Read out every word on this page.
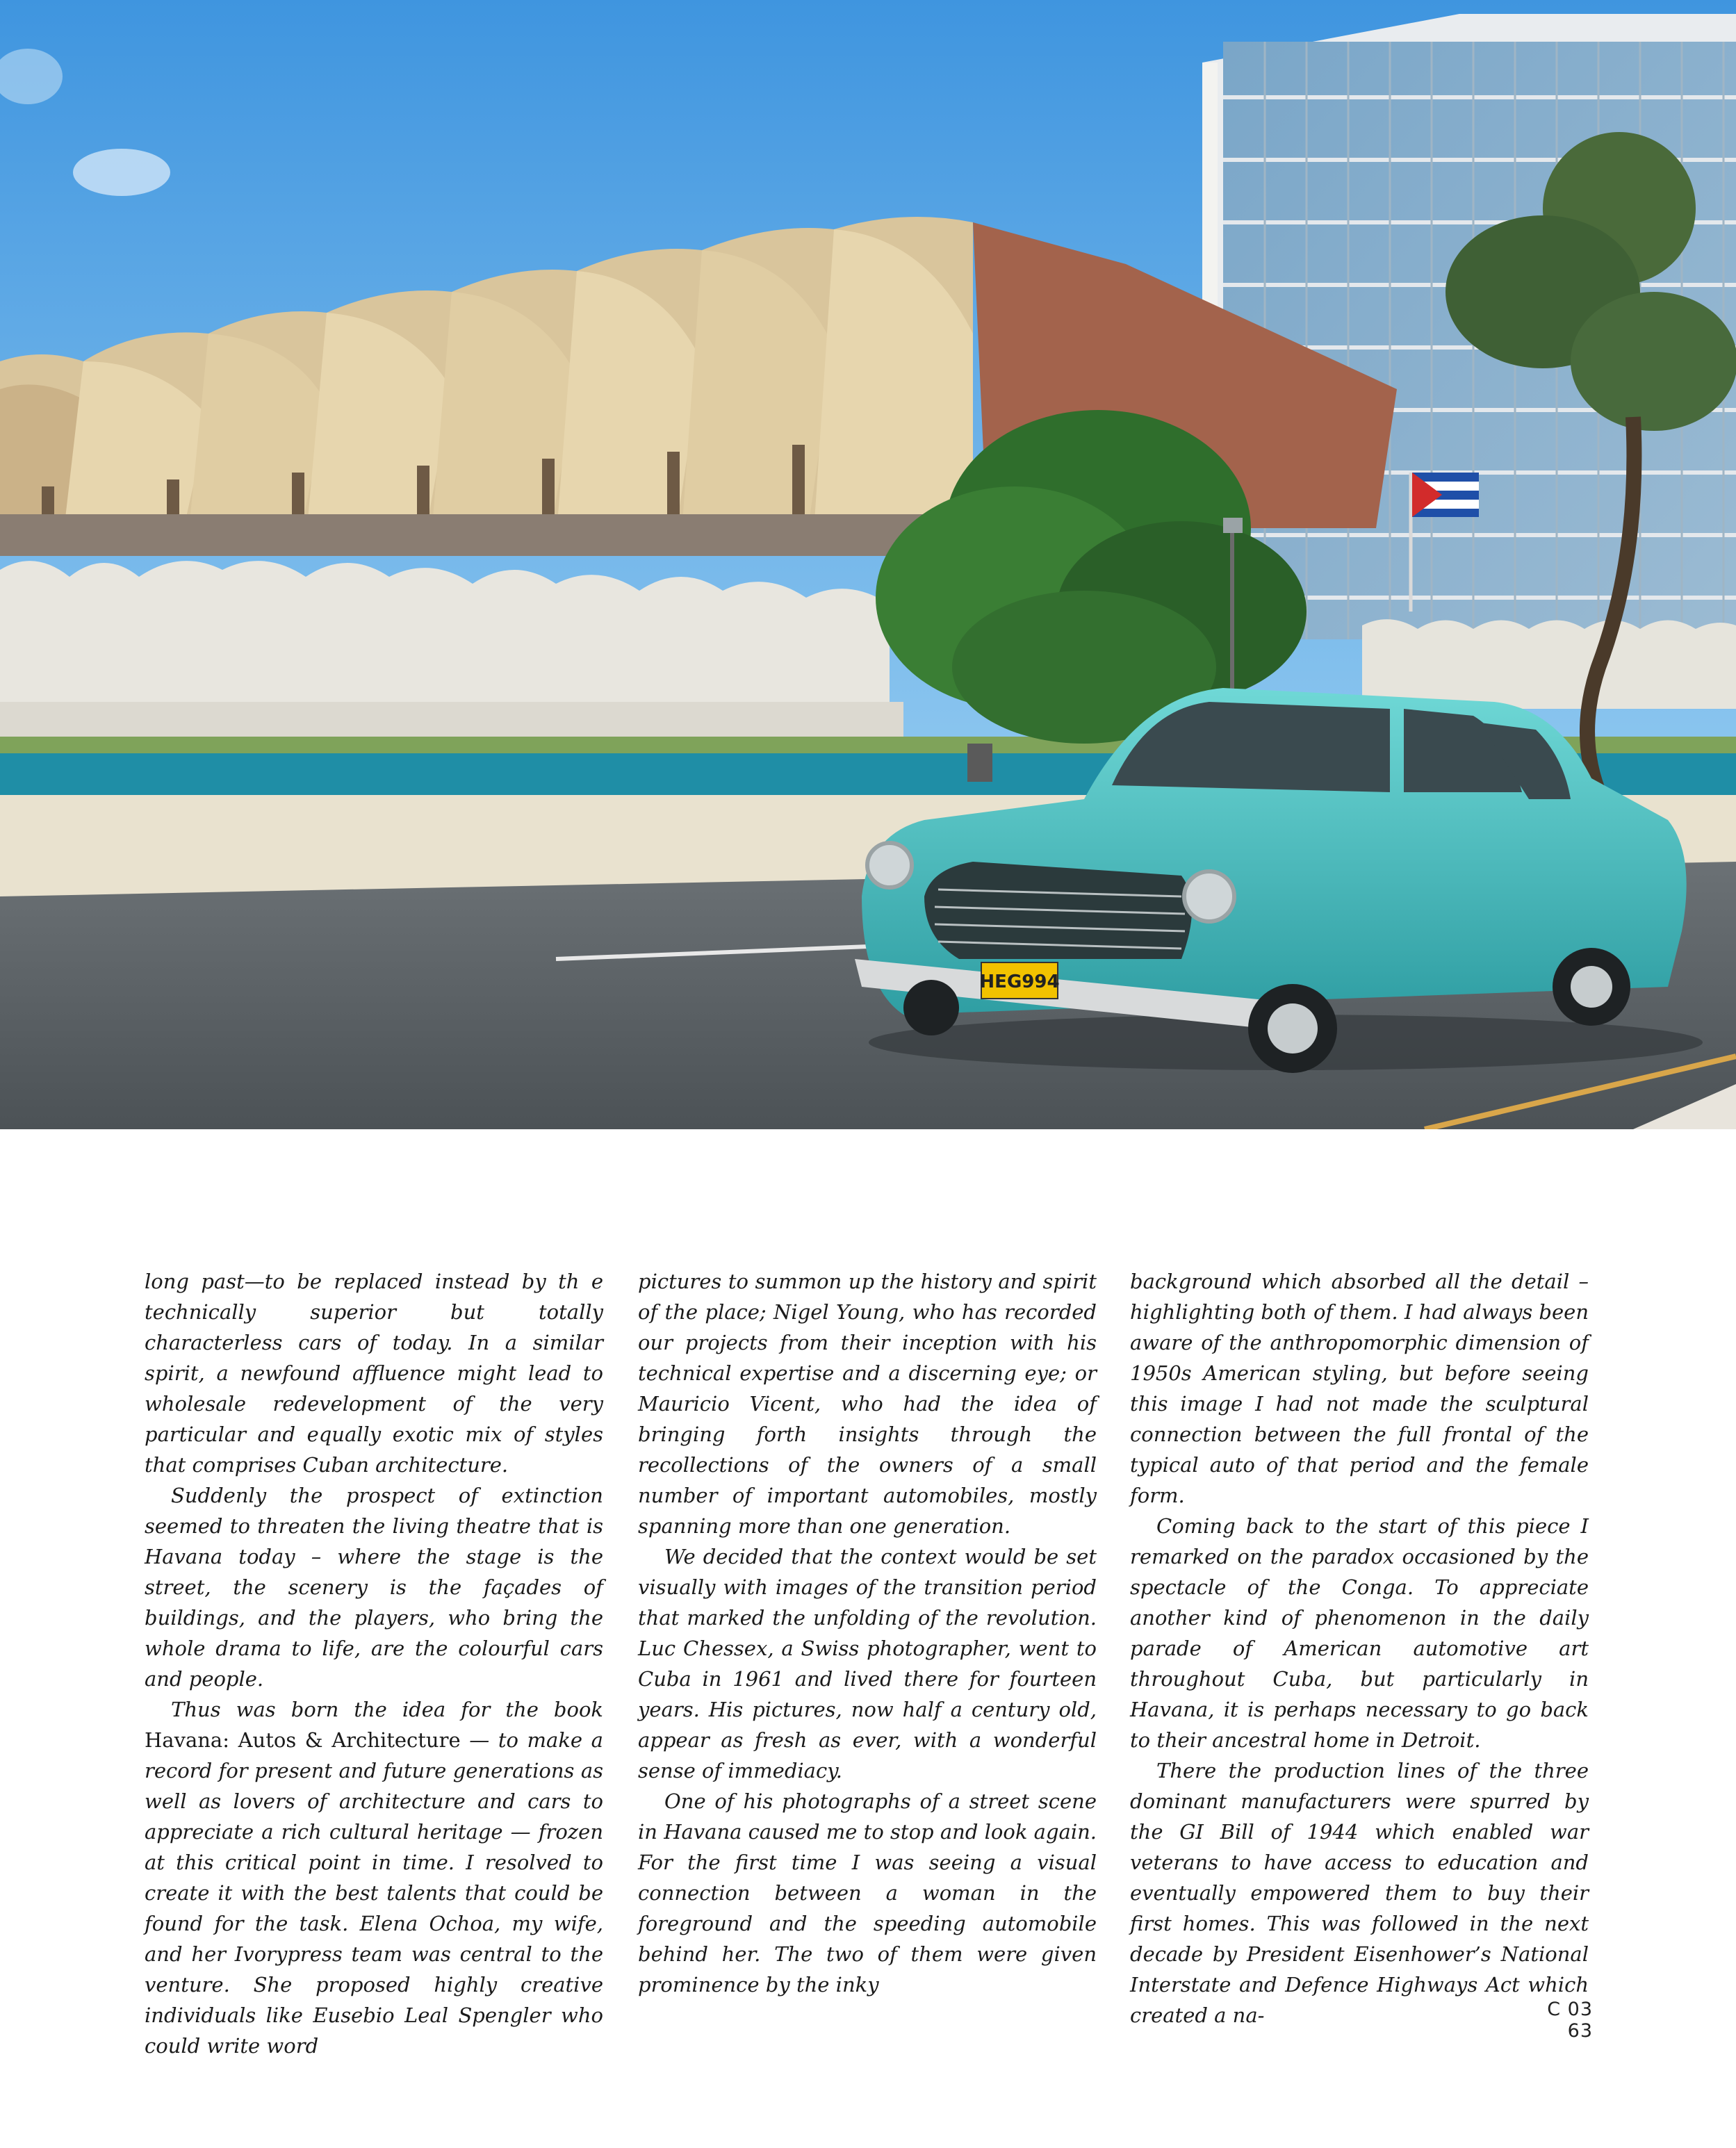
HEG994

long past—to be replaced instead by th e technically superior but totally characterless cars of today. In a similar spirit, a newfound affluence might lead to wholesale redevelopment of the very particular and equally exotic mix of styles that comprises Cuban architecture.

Suddenly the prospect of extinction seemed to threaten the living theatre that is Havana today – where the stage is the street, the scenery is the façades of buildings, and the players, who bring the whole drama to life, are the colourful cars and people.

Thus was born the idea for the book Havana: Autos & Architecture — to make a record for present and future generations as well as lovers of architecture and cars to appreciate a rich cultural heritage — frozen at this critical point in time. I resolved to create it with the best talents that could be found for the task. Elena Ochoa, my wife, and her Ivorypress team was central to the venture. She proposed highly creative individuals like Eusebio Leal Spengler who could write word

pictures to summon up the history and spirit of the place; Nigel Young, who has recorded our projects from their inception with his technical expertise and a discerning eye; or Mauricio Vicent, who had the idea of bringing forth insights through the recollections of the owners of a small number of important automobiles, mostly spanning more than one generation.

We decided that the context would be set visually with images of the transition period that marked the unfolding of the revolution. Luc Chessex, a Swiss photographer, went to Cuba in 1961 and lived there for fourteen years. His pictures, now half a century old, appear as fresh as ever, with a wonderful sense of immediacy.

One of his photographs of a street scene in Havana caused me to stop and look again. For the first time I was seeing a visual connection between a woman in the foreground and the speeding automobile behind her. The two of them were given prominence by the inky

background which absorbed all the detail – highlighting both of them. I had always been aware of the anthropomorphic dimension of 1950s American styling, but before seeing this image I had not made the sculptural connection between the full frontal of the typical auto of that period and the female form.

Coming back to the start of this piece I remarked on the paradox occasioned by the spectacle of the Conga. To appreciate another kind of phenomenon in the daily parade of American automotive art throughout Cuba, but particularly in Havana, it is perhaps necessary to go back to their ancestral home in Detroit.

There the production lines of the three dominant manufacturers were spurred by the GI Bill of 1944 which enabled war veterans to have access to education and eventually empowered them to buy their first homes. This was followed in the next decade by President Eisenhower’s National Interstate and Defence Highways Act which created a na-	C 03 63
